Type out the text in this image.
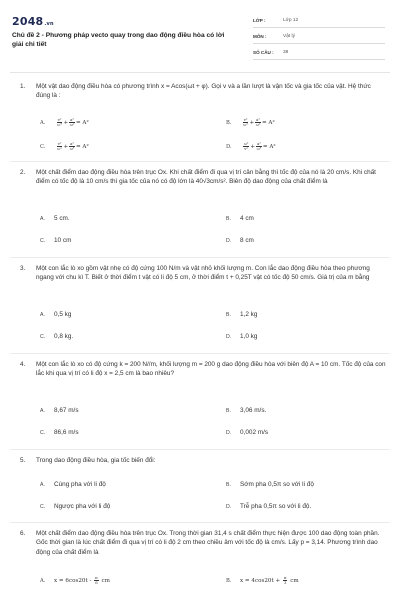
2048.vn
Chủ đề 2 - Phương pháp vecto quay trong dao động điều hòa có lời giải chi tiết
LỚP :	Lớp 12
MÔN :	Vật lý
SỐ CÂU :	38
1. Một vật dao động điều hòa có phương trình x = Acos(ωt + φ). Gọi v và a lần lượt là vận tốc và gia tốc của vật. Hệ thức đúng là :
A.	$\frac{\text{v²}}{\text{ω⁴}} + \frac{\text{a²}}{\text{ω²}} = A^2$	B.	$\frac{\text{v²}}{\text{ω²}} + \frac{\text{a²}}{\text{ω²}} = A^2$
C.	$\frac{\text{v²}}{\text{ω²}} + \frac{\text{a²}}{\text{ω⁴}} = A^2$	D.	$\frac{\text{ω²}}{\text{v²}} + \frac{\text{a²}}{\text{ω⁴}} = A^2$
2. Một chất điểm dao động điều hòa trên trục Ox. Khi chất điểm đi qua vị trí cân bằng thì tốc độ của nó là 20 cm/s. Khi chất điểm có tốc độ là 10 cm/s thì gia tốc của nó có độ lớn là 40√3cm/s². Biên độ dao động của chất điểm là
A. 5 cm.	B. 4 cm
C. 10 cm	D. 8 cm
3. Một con lắc lò xo gồm vật nhẹ có độ cứng 100 N/m và vật nhỏ khối lượng m. Con lắc dao động điều hòa theo phương ngang với chu kì T. Biết ở thời điểm t vật có li độ 5 cm, ở thời điểm t + 0,25T vật có tốc độ 50 cm/s. Giá trị của m bằng
A. 0,5 kg	B. 1,2 kg
C. 0,8 kg.	D. 1,0 kg
4. Một con lắc lò xo có độ cứng k = 200 N//m, khối lượng m = 200 g dao động điều hòa với biên độ A = 10 cm. Tốc độ của con lắc khi qua vị trí có li độ x = 2,5 cm là bao nhiêu?
A. 8,67 m/s	B. 3,06 m/s.
C. 86,6 m/s	D. 0,002 m/s
5. Trong dao động điều hòa, gia tốc biến đổi:
A. Cùng pha với li độ	B. Sớm pha 0,5π so với li độ
C. Ngược pha với li độ	D. Trễ pha 0,5π so với li độ.
6. Một chất điểm dao động điều hòa trên trục Ox. Trong thời gian 31,4 s chất điểm thực hiện được 100 dao động toàn phần. Gốc thời gian là lúc chất điểm đi qua vị trí có li độ 2 cm theo chiều âm với tốc độ là cm/s. Lấy p = 3,14. Phương trình dao động của chất điểm là
A. $x = 6\cos 20t - \frac{\pi}{6}$ cm	B. $x = 4\cos 20t + \frac{\pi}{3}$ cm
